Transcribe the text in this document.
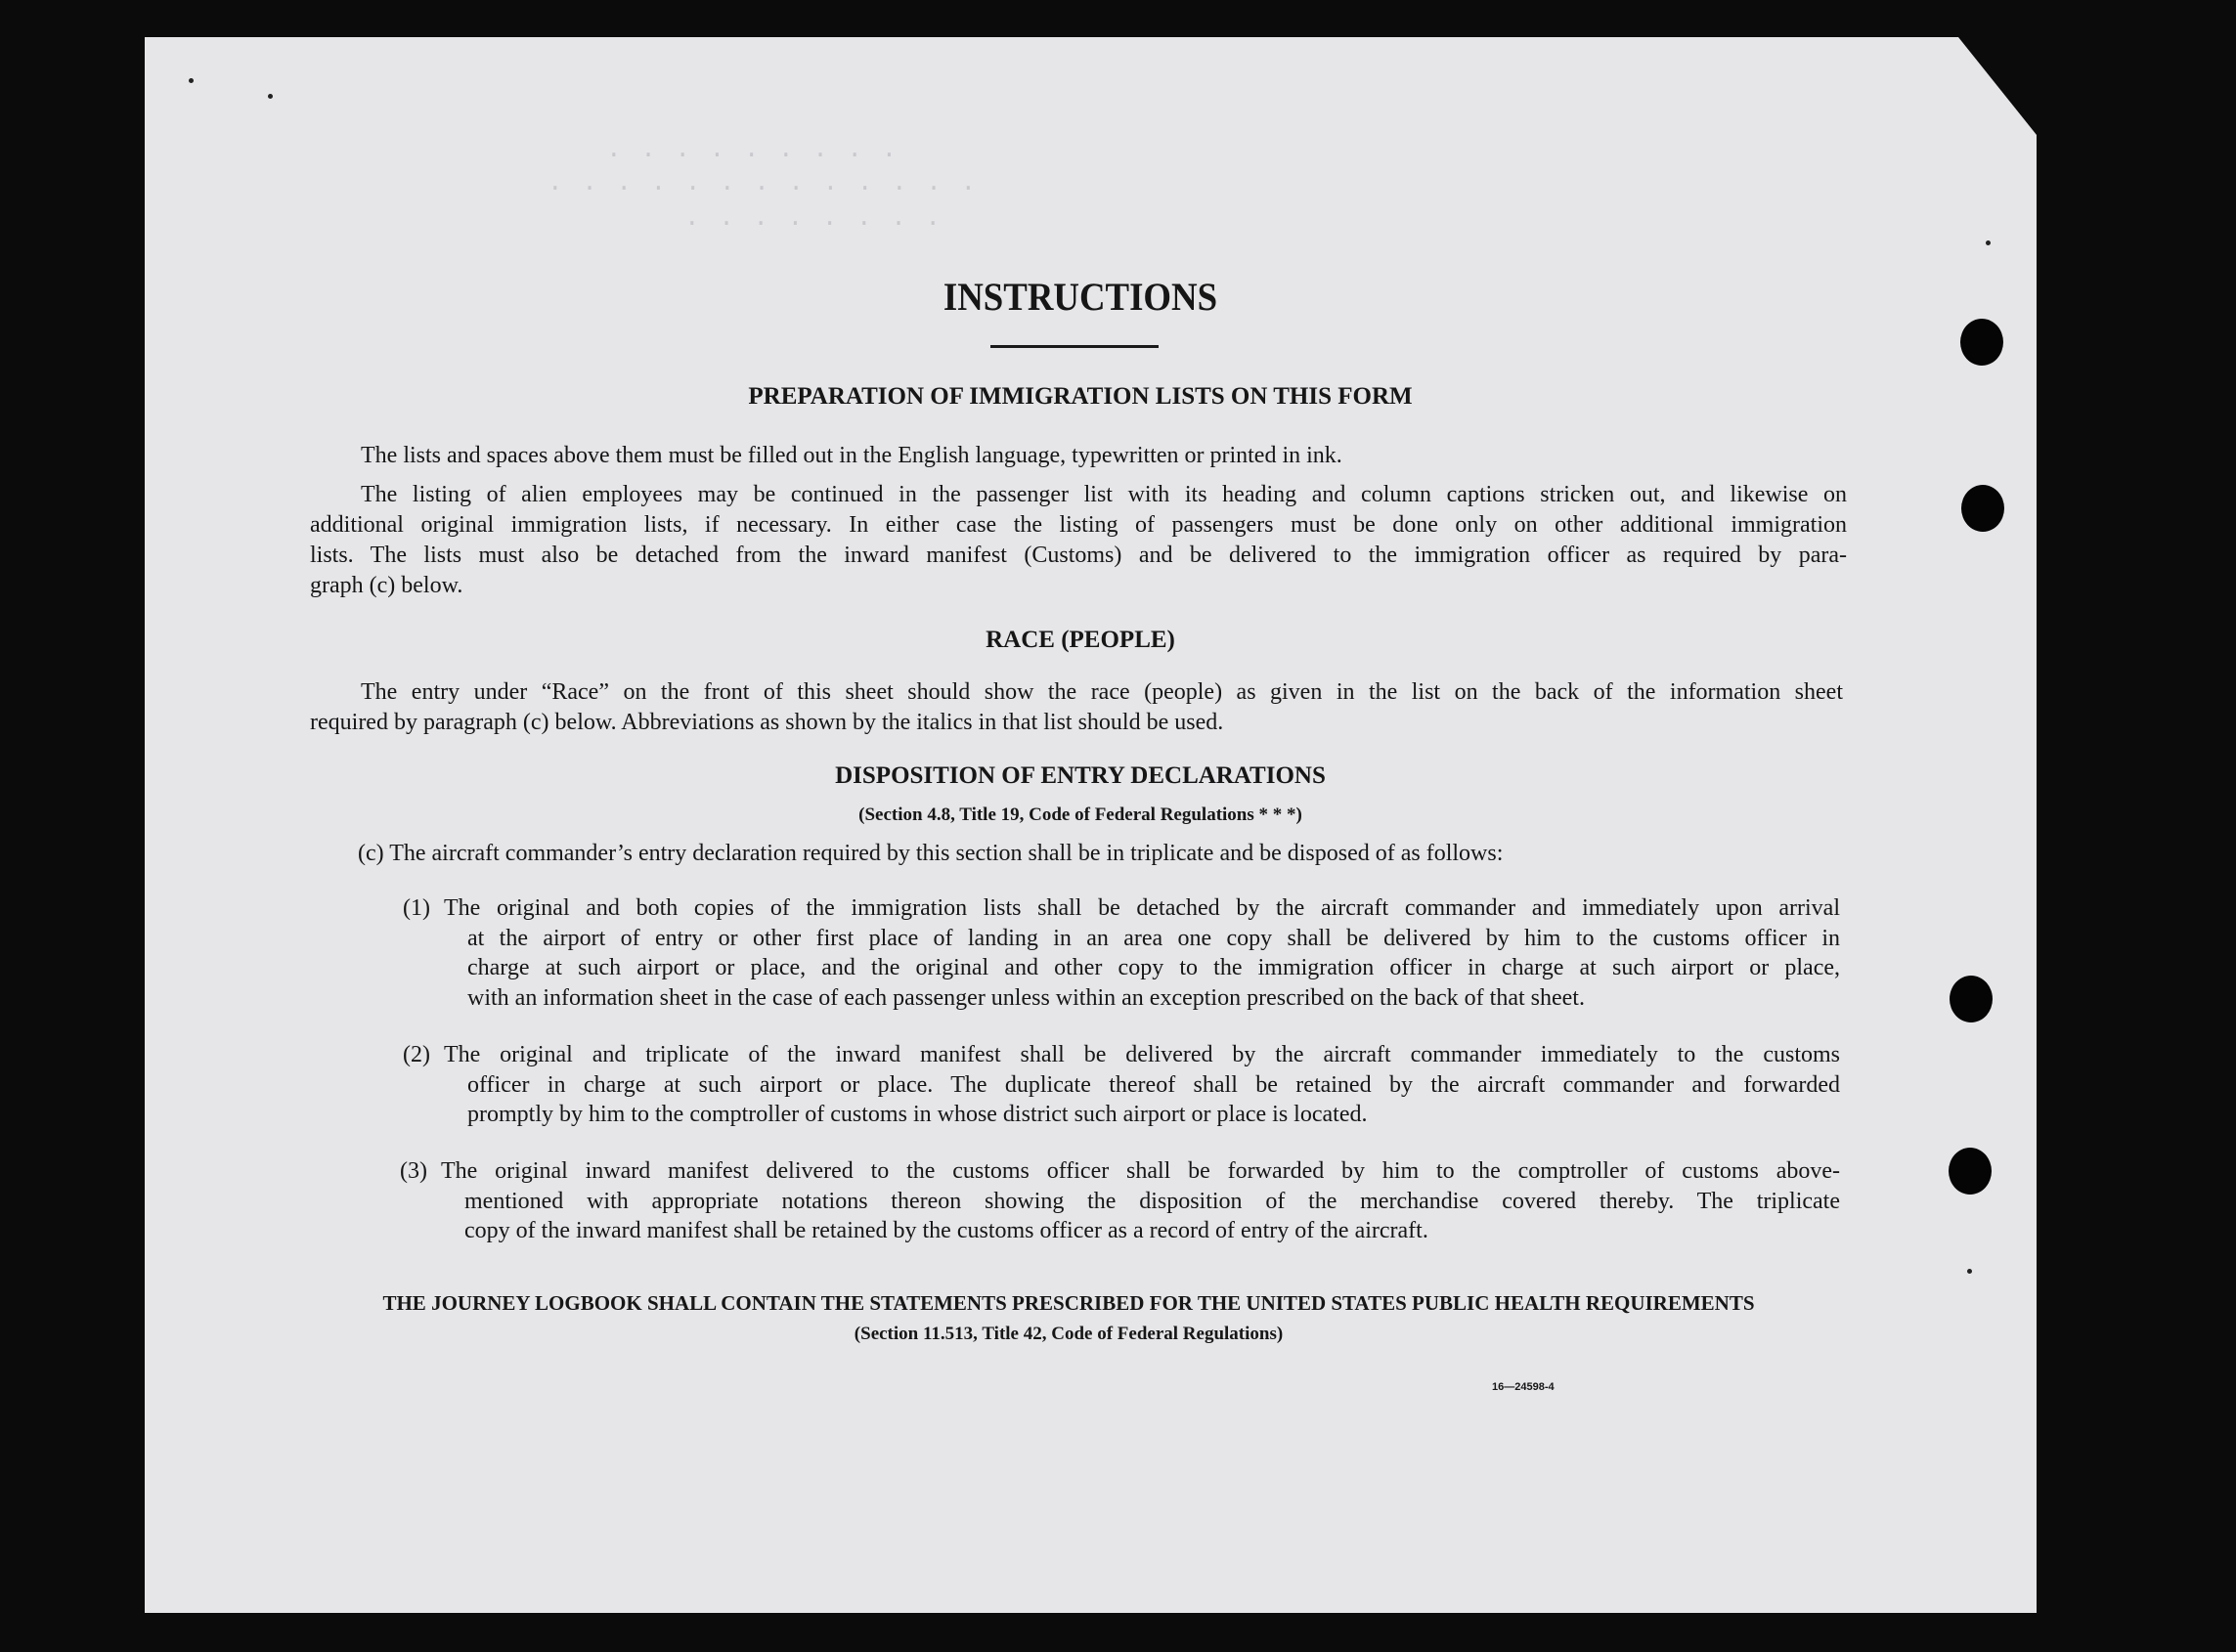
. . . . . . . . .
. . . . . . . . . . . . .
. . . . . . . .
INSTRUCTIONS
PREPARATION OF IMMIGRATION LISTS ON THIS FORM
The lists and spaces above them must be filled out in the English language, typewritten or printed in ink.
The listing of alien employees may be continued in the passenger list with its heading and column captions stricken out, and likewise on
additional original immigration lists, if necessary. In either case the listing of passengers must be done only on other additional immigration
lists. The lists must also be detached from the inward manifest (Customs) and be delivered to the immigration officer as required by para-
graph (c) below.
RACE (PEOPLE)
The entry under “Race” on the front of this sheet should show the race (people) as given in the list on the back of the information sheet
required by paragraph (c) below. Abbreviations as shown by the italics in that list should be used.
DISPOSITION OF ENTRY DECLARATIONS
(Section 4.8, Title 19, Code of Federal Regulations * * *)
(c) The aircraft commander’s entry declaration required by this section shall be in triplicate and be disposed of as follows:
(1) The original and both copies of the immigration lists shall be detached by the aircraft commander and immediately upon arrival
at the airport of entry or other first place of landing in an area one copy shall be delivered by him to the customs officer in
charge at such airport or place, and the original and other copy to the immigration officer in charge at such airport or place,
with an information sheet in the case of each passenger unless within an exception prescribed on the back of that sheet.
(2) The original and triplicate of the inward manifest shall be delivered by the aircraft commander immediately to the customs
officer in charge at such airport or place. The duplicate thereof shall be retained by the aircraft commander and forwarded
promptly by him to the comptroller of customs in whose district such airport or place is located.
(3) The original inward manifest delivered to the customs officer shall be forwarded by him to the comptroller of customs above-
mentioned with appropriate notations thereon showing the disposition of the merchandise covered thereby. The triplicate
copy of the inward manifest shall be retained by the customs officer as a record of entry of the aircraft.
THE JOURNEY LOGBOOK SHALL CONTAIN THE STATEMENTS PRESCRIBED FOR THE UNITED STATES PUBLIC HEALTH REQUIREMENTS
(Section 11.513, Title 42, Code of Federal Regulations)
16—24598-4
